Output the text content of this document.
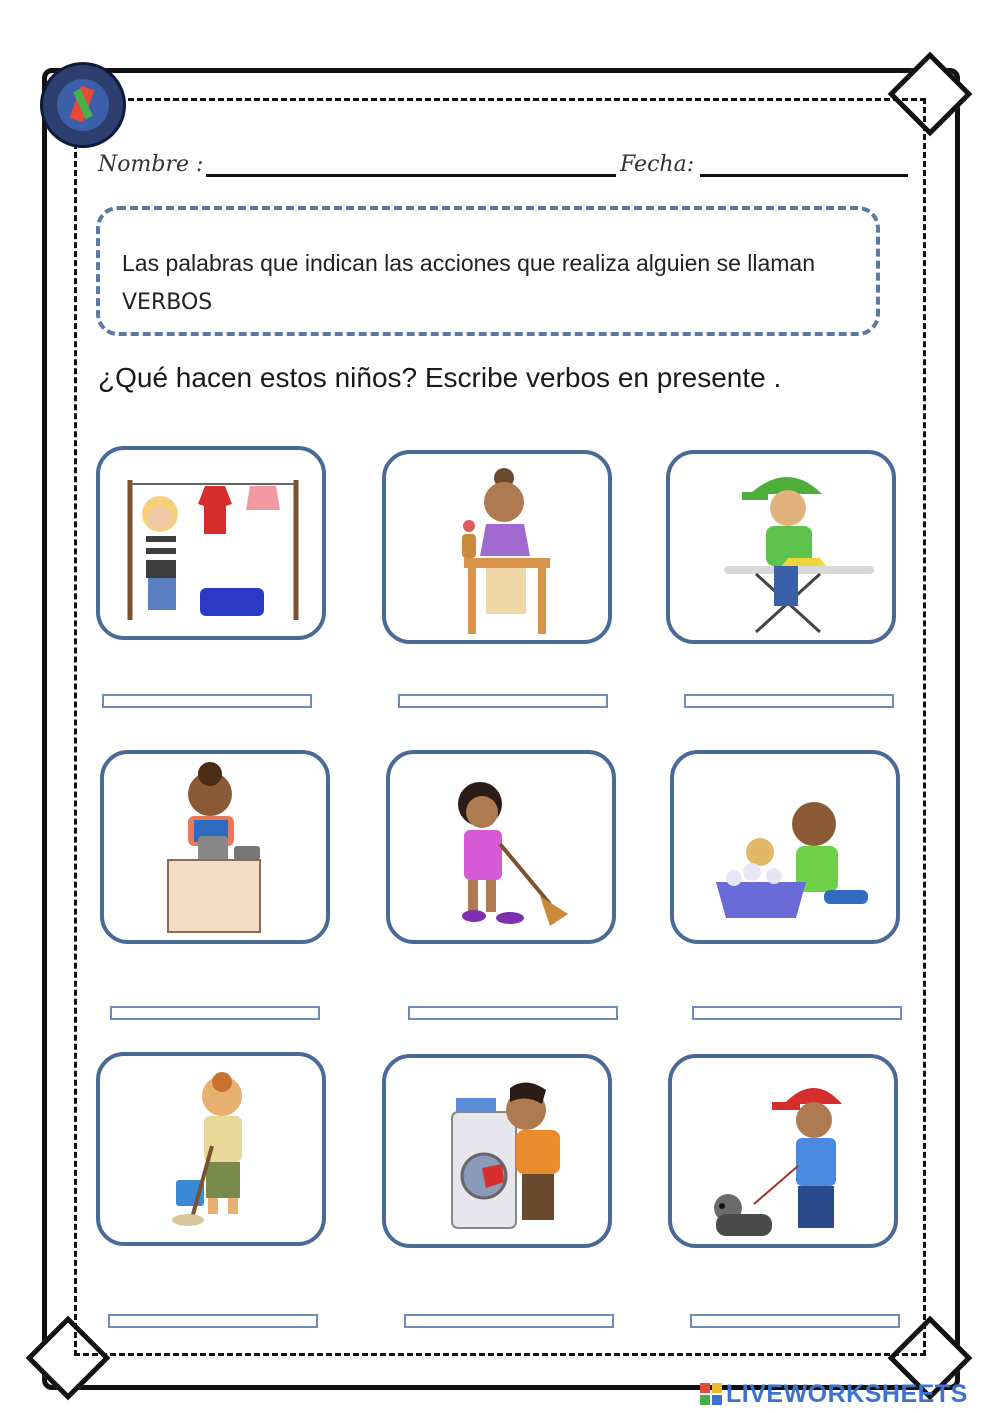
Nombre :	Fecha:
Las palabras que indican las acciones que realiza alguien se llaman VERBOS
¿Qué hacen estos niños? Escribe verbos en presente .
LIVEWORKSHEETS
